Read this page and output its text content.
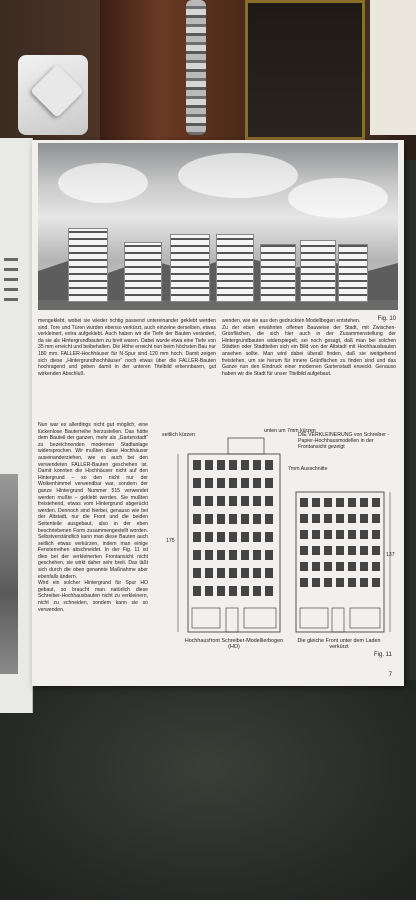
Fig. 10
mengeklebt, wobei sie wieder richtig passend untereinander geklebt werden sind. Tore und Türen wurden ebenso verkürzt, auch einzelne derselben, etwas verkleinert, extra aufgeklebt. Auch haben wir die Tiefe der Bauten verändert, da sie als Hintergrundbauten zu breit waren. Dabei wurde etwa eine Tiefe von 35 mm erreicht und beibehalten. Die Höhe erreicht nun beim höchsten Bau nur 180 mm. FALLER-Hochhäuser für N-Spur sind 120 mm hoch. Damit zeigen sich diese „Hintergrundhochhäuser“ noch etwas über die FALLER-Bauten hochragend und geben damit in der unteren Titelbild erkennbaren, gut wirkenden Abschluß.
Nun war es allerdings nicht gut möglich, eine lückenlose Bauterreihe herzustellen. Das hätte dem Bauteil der ganzen, mehr als „Gartenstadt“ zu bezeichnenden modernen Stadtanlage widersprochen. Wir mußten diese Hochhäuser auseinanderziehen, wie es auch bei den verwendeten FALLER-Bauten geschehen ist. Damit konnten die Hochhäuser nicht auf den Hintergrund – so den nicht nur der Wolkenhimmel verwendbar war, sondern der ganze Hintergrund Nummer 515 verwendet werden mußte – geklebt werden. Sie mußten freistehend, etwas vom Hintergrund abgerückt werden. Dennoch sind hierbei, genauso wie bei der Altstadt, nur die Front und die beiden Seitenteile ausgebaut, also in der eben beschriebenen Form zusammengestellt worden. Selbstverständlich kann man diese Bauten auch seitlich etwas verkürzen, indem man einige Fensterreihen abschneidet. In der Fig. 11 ist dies bei der verkleinerten Frontansicht nicht geschehen, sie wirkt daher sehr breit. Das läßt sich durch die oben genannte Maßnahme aber ebenfalls ändern.
Wird ein solcher Hintergrund für Spur HO gebaut, so braucht man natürlich diese Schreiber-Hochhausbauten nicht zu verkleinern, nicht zu schneiden, sondern kann sie so verwenden.
wenden, wie sie aus den gedruckten Modellbogen entstehen.
Zu der eben erwähnten offenen Bauweise der Stadt, mit Zwischen-Grünflächen, die sich hier auch in der Zusammenstellung der Hintergrundbauten widerspiegelt, sei noch gesagt, daß man bei solchen Städten oder Stadtteilen sich ein Bild von der Altstadt mit Hochhausbauten ansehen sollte. Man wird dabei überall finden, daß sie weitgehend freistehen, um sie herum für innere Grünflächen zu finden sind und das Ganze nun den Eindruck einer modernen Gartenstadt erweckt. Genauso haben wir die Stadt für unser Titelbild aufgebaut.
seitlich kürzen
unten um 7mm kürzen
7mm Ausschnitte
DIE VERKLEINERUNG von Schreiber - Papier-Hochhausmodellen in der Frontansicht gezeigt
175
137
Hochhausfront Schreiber-Modellierbogen (HO)
Die gleiche Front unter dem Laden verkürzt
Fig. 11
7
